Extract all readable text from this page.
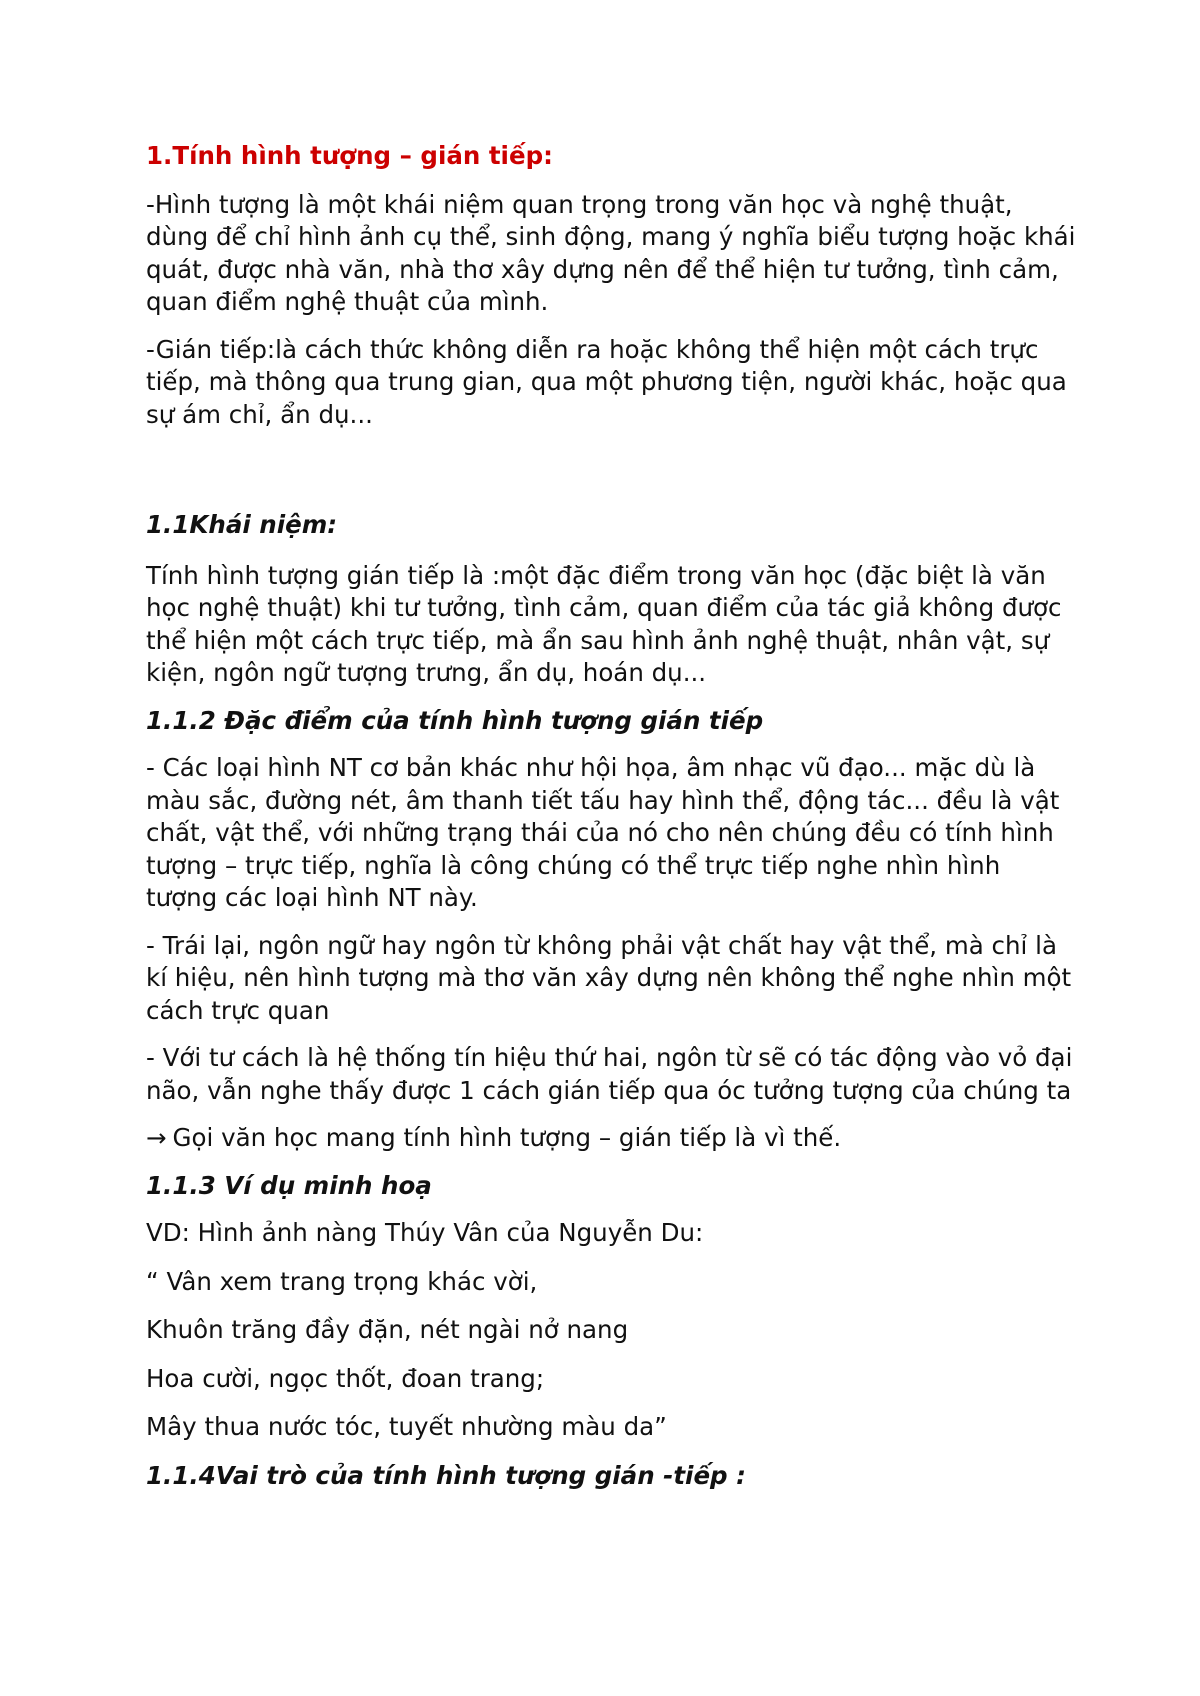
1.Tính hình tượng – gián tiếp:

-Hình tượng là một khái niệm quan trọng trong văn học và nghệ thuật, dùng để chỉ hình ảnh cụ thể, sinh động, mang ý nghĩa biểu tượng hoặc khái quát, được nhà văn, nhà thơ xây dựng nên để thể hiện tư tưởng, tình cảm, quan điểm nghệ thuật của mình.

-Gián tiếp:là cách thức không diễn ra hoặc không thể hiện một cách trực tiếp, mà thông qua trung gian, qua một phương tiện, người khác, hoặc qua sự ám chỉ, ẩn dụ...

1.1Khái niệm:

Tính hình tượng gián tiếp là :một đặc điểm trong văn học (đặc biệt là văn học nghệ thuật) khi tư tưởng, tình cảm, quan điểm của tác giả không được thể hiện một cách trực tiếp, mà ẩn sau hình ảnh nghệ thuật, nhân vật, sự kiện, ngôn ngữ tượng trưng, ẩn dụ, hoán dụ...

1.1.2 Đặc điểm của tính hình tượng gián tiếp

- Các loại hình NT cơ bản khác như hội họa, âm nhạc vũ đạo... mặc dù là màu sắc, đường nét, âm thanh tiết tấu hay hình thể, động tác... đều là vật chất, vật thể, với những trạng thái của nó cho nên chúng đều có tính hình tượng – trực tiếp, nghĩa là công chúng có thể trực tiếp nghe nhìn hình tượng các loại hình NT này.

- Trái lại, ngôn ngữ hay ngôn từ không phải vật chất hay vật thể, mà chỉ là kí hiệu, nên hình tượng mà thơ văn xây dựng nên không thể nghe nhìn một cách trực quan

- Với tư cách là hệ thống tín hiệu thứ hai, ngôn từ sẽ có tác động vào vỏ đại não, vẫn nghe thấy được 1 cách gián tiếp qua óc tưởng tượng của chúng ta

→ Gọi văn học mang tính hình tượng – gián tiếp là vì thế.

1.1.3 Ví dụ minh hoạ

VD: Hình ảnh nàng Thúy Vân của Nguyễn Du:

“ Vân xem trang trọng khác vời,

Khuôn trăng đầy đặn, nét ngài nở nang

Hoa cười, ngọc thốt, đoan trang;

Mây thua nước tóc, tuyết nhường màu da”

1.1.4Vai trò của tính hình tượng gián -tiếp :
